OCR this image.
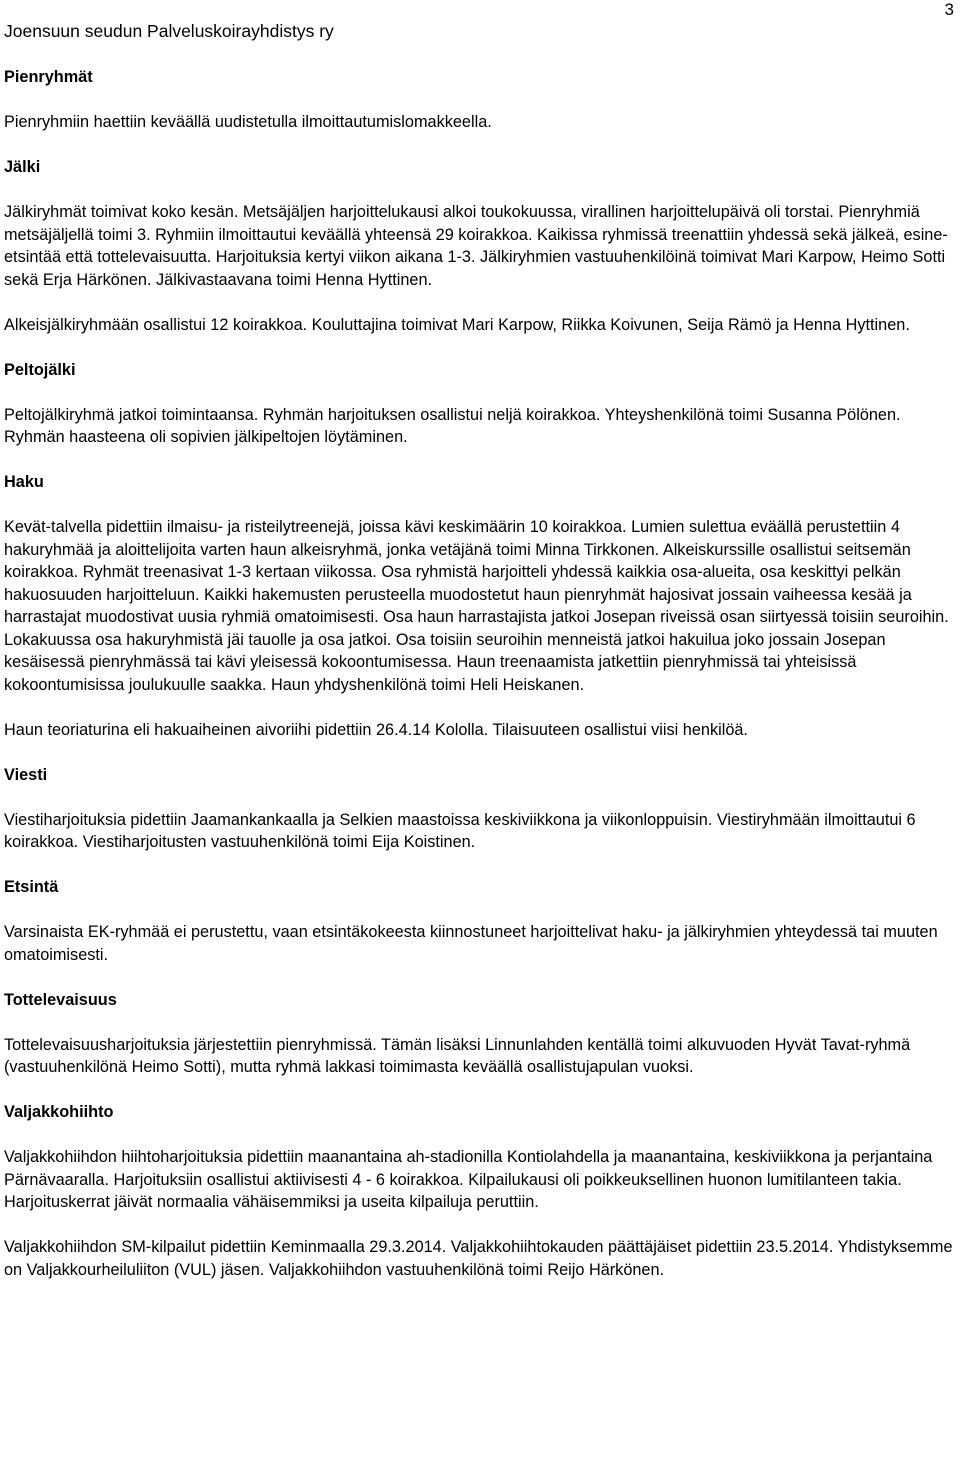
3
Joensuun seudun Palveluskoirayhdistys ry
Pienryhmät

Pienryhmiin haettiin keväällä uudistetulla ilmoittautumislomakkeella.

Jälki

Jälkiryhmät toimivat koko kesän. Metsäjäljen harjoittelukausi alkoi toukokuussa, virallinen harjoittelupäivä oli torstai. Pienryhmiä metsäjäljellä toimi 3. Ryhmiin ilmoittautui keväällä yhteensä 29 koirakkoa. Kaikissa ryhmissä treenattiin yhdessä sekä jälkeä, esine-etsintää että tottelevaisuutta. Harjoituksia kertyi viikon aikana 1-3. Jälkiryhmien vastuuhenkilöinä toimivat Mari Karpow, Heimo Sotti sekä Erja Härkönen. Jälkivastaavana toimi Henna Hyttinen.

Alkeisjälkiryhmään osallistui 12 koirakkoa. Kouluttajina toimivat Mari Karpow, Riikka Koivunen, Seija Rämö ja Henna Hyttinen.

Peltojälki

Peltojälkiryhmä jatkoi toimintaansa. Ryhmän harjoituksen osallistui neljä koirakkoa. Yhteyshenkilönä toimi Susanna Pölönen. Ryhmän haasteena oli sopivien jälkipeltojen löytäminen.

Haku

Kevät-talvella pidettiin ilmaisu- ja risteilytreenejä, joissa kävi keskimäärin 10 koirakkoa. Lumien sulettua eväällä perustettiin 4 hakuryhmää ja aloittelijoita varten haun alkeisryhmä, jonka vetäjänä toimi Minna Tirkkonen. Alkeiskurssille osallistui seitsemän koirakkoa. Ryhmät treenasivat 1-3 kertaan viikossa. Osa ryhmistä harjoitteli yhdessä kaikkia osa-alueita, osa keskittyi pelkän hakuosuuden harjoitteluun. Kaikki hakemusten perusteella muodostetut haun pienryhmät hajosivat jossain vaiheessa kesää ja harrastajat muodostivat uusia ryhmiä omatoimisesti. Osa haun harrastajista jatkoi Josepan riveissä osan siirtyessä toisiin seuroihin. Lokakuussa osa hakuryhmistä jäi tauolle ja osa jatkoi. Osa toisiin seuroihin menneistä jatkoi hakuilua joko jossain Josepan kesäisessä pienryhmässä tai kävi yleisessä kokoontumisessa. Haun treenaamista jatkettiin pienryhmissä tai yhteisissä kokoontumisissa joulukuulle saakka. Haun yhdyshenkilönä toimi Heli Heiskanen.

Haun teoriaturina eli hakuaiheinen aivoriihi pidettiin 26.4.14 Kololla. Tilaisuuteen osallistui viisi henkilöä.

Viesti

Viestiharjoituksia pidettiin Jaamankankaalla ja Selkien maastoissa keskiviikkona ja viikonloppuisin. Viestiryhmään ilmoittautui 6 koirakkoa. Viestiharjoitusten vastuuhenkilönä toimi Eija Koistinen.

Etsintä

Varsinaista EK-ryhmää ei perustettu, vaan etsintäkokeesta kiinnostuneet harjoittelivat haku- ja jälkiryhmien yhteydessä tai muuten omatoimisesti.

Tottelevaisuus

Tottelevaisuusharjoituksia järjestettiin pienryhmissä. Tämän lisäksi Linnunlahden kentällä toimi alkuvuoden Hyvät Tavat-ryhmä (vastuuhenkilönä Heimo Sotti), mutta ryhmä lakkasi toimimasta keväällä osallistujapulan vuoksi.

Valjakkohiihto

Valjakkohiihdon hiihtoharjoituksia pidettiin maanantaina ah-stadionilla Kontiolahdella ja maanantaina, keskiviikkona ja perjantaina Pärnävaaralla. Harjoituksiin osallistui aktiivisesti 4 - 6 koirakkoa. Kilpailukausi oli poikkeuksellinen huonon lumitilanteen takia. Harjoituskerrat jäivät normaalia vähäisemmiksi ja useita kilpailuja peruttiin.

Valjakkohiihdon SM-kilpailut pidettiin Keminmaalla 29.3.2014. Valjakkohiihtokauden päättäjäiset pidettiin 23.5.2014. Yhdistyksemme on Valjakkourheiluliiton (VUL) jäsen. Valjakkohiihdon vastuuhenkilönä toimi Reijo Härkönen.
